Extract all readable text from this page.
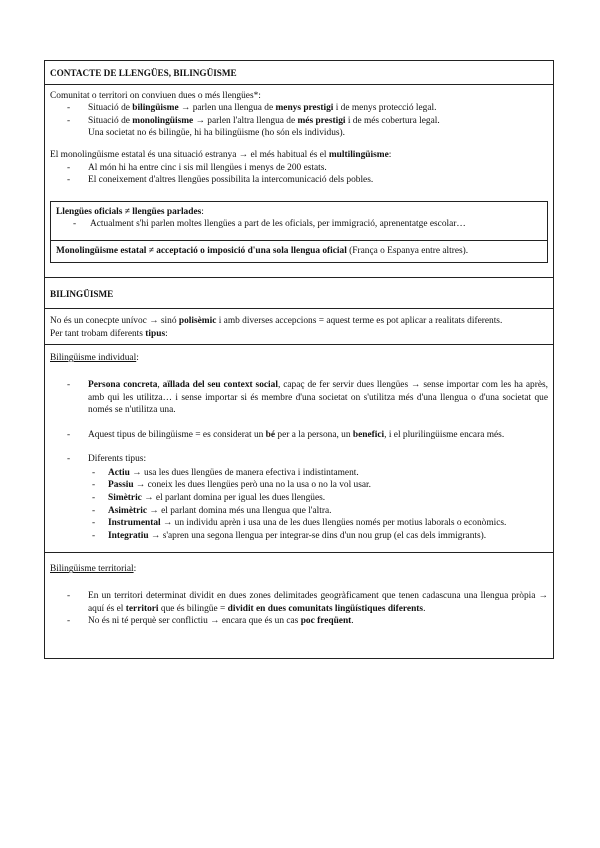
CONTACTE DE LLENGÜES, BILINGÜISME

Comunitat o territori on conviuen dues o més llengües*:

- Situació de bilingüisme → parlen una llengua de menys prestigi i de menys protecció legal.
- Situació de monolingüisme → parlen l'altra llengua de més prestigi i de més cobertura legal.
Una societat no és bilingüe, hi ha bilingüisme (ho són els individus).

El monolingüisme estatal és una situació estranya → el més habitual és el multilingüisme:

- Al món hi ha entre cinc i sis mil llengües i menys de 200 estats.
- El coneixement d'altres llengües possibilita la intercomunicació dels pobles.

Llengües oficials ≠ llengües parlades:

- Actualment s'hi parlen moltes llengües a part de les oficials, per immigració, aprenentatge escolar…

Monolingüisme estatal ≠ acceptació o imposició d'una sola llengua oficial (França o Espanya entre altres).

BILINGÜISME

No és un conecpte unívoc → sinó polisèmic i amb diverses accepcions = aquest terme es pot aplicar a realitats diferents.

Per tant trobam diferents tipus:

Bilingüisme individual:

- Persona concreta, aïllada del seu context social, capaç de fer servir dues llengües → sense importar com les ha après, amb qui les utilitza… i sense importar si és membre d'una societat on s'utilitza més d'una llengua o d'una societat que només se n'utilitza una.
- Aquest tipus de bilingüisme = es considerat un bé per a la persona, un benefici, i el plurilingüisme encara més.
- Diferents tipus:
- Actiu → usa les dues llengües de manera efectiva i indistintament.
- Passiu → coneix les dues llengües però una no la usa o no la vol usar.
- Simètric → el parlant domina per igual les dues llengües.
- Asimètric → el parlant domina més una llengua que l'altra.
- Instrumental → un individu aprèn i usa una de les dues llengües només per motius laborals o econòmics.
- Integratiu → s'apren una segona llengua per integrar-se dins d'un nou grup (el cas dels immigrants).

Bilingüisme territorial:

- En un territori determinat dividit en dues zones delimitades geogràficament que tenen cadascuna una llengua pròpia → aquí és el territori que és bilingüe = dividit en dues comunitats lingüístiques diferents.
- No és ni té perquè ser conflictiu → encara que és un cas poc freqüent.
